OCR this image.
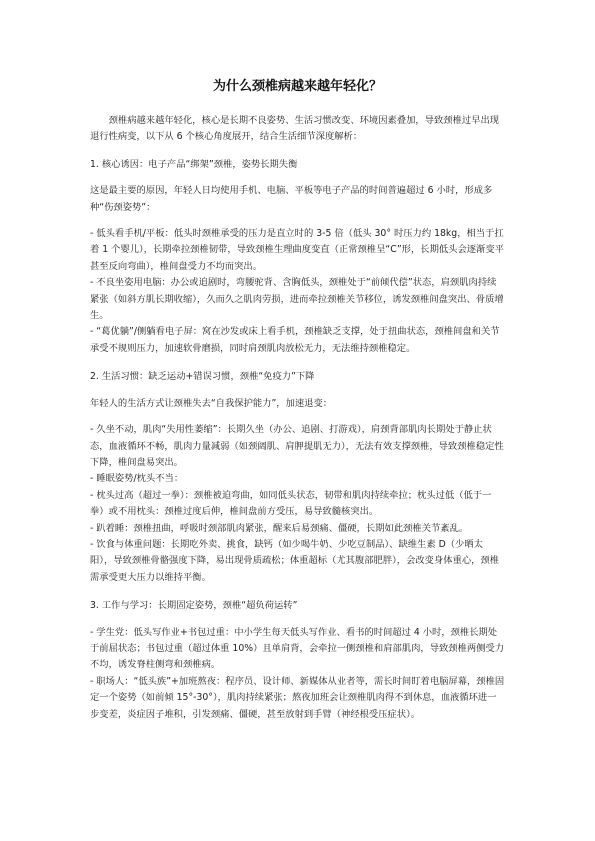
为什么颈椎病越来越年轻化？

颈椎病越来越年轻化，核心是长期不良姿势、生活习惯改变、环境因素叠加，导致颈椎过早出现退行性病变，以下从 6 个核心角度展开，结合生活细节深度解析：

1. 核心诱因：电子产品“绑架”颈椎，姿势长期失衡

这是最主要的原因，年轻人日均使用手机、电脑、平板等电子产品的时间普遍超过 6 小时，形成多种“伤颈姿势”：

- 低头看手机/平板：低头时颈椎承受的压力是直立时的 3-5 倍（低头 30° 时压力约 18kg，相当于扛着 1 个婴儿），长期牵拉颈椎韧带，导致颈椎生理曲度变直（正常颈椎呈“C”形，长期低头会逐渐变平甚至反向弯曲），椎间盘受力不均而突出。

- 不良坐姿用电脑：办公或追剧时，弯腰驼背、含胸低头，颈椎处于“前倾代偿”状态，肩颈肌肉持续紧张（如斜方肌长期收缩），久而久之肌肉劳损，进而牵拉颈椎关节移位，诱发颈椎间盘突出、骨质增生。

- “葛优躺”/侧躺看电子屏：窝在沙发或床上看手机，颈椎缺乏支撑，处于扭曲状态，颈椎间盘和关节承受不规则压力，加速软骨磨损，同时肩颈肌肉放松无力，无法维持颈椎稳定。

2. 生活习惯：缺乏运动+错误习惯，颈椎“免疫力”下降

年轻人的生活方式让颈椎失去“自我保护能力”，加速退变：

- 久坐不动，肌肉“失用性萎缩”：长期久坐（办公、追剧、打游戏），肩颈背部肌肉长期处于静止状态，血液循环不畅，肌肉力量减弱（如颈阔肌、肩胛提肌无力），无法有效支撑颈椎，导致颈椎稳定性下降，椎间盘易突出。

- 睡眠姿势/枕头不当：

- 枕头过高（超过一拳）：颈椎被迫弯曲，如同低头状态，韧带和肌肉持续牵拉；枕头过低（低于一拳）或不用枕头：颈椎过度后伸，椎间盘前方受压，易导致髓核突出。

- 趴着睡：颈椎扭曲，呼吸时颈部肌肉紧张，醒来后易颈痛、僵硬，长期如此颈椎关节紊乱。

- 饮食与体重问题：长期吃外卖、挑食，缺钙（如少喝牛奶、少吃豆制品）、缺维生素 D（少晒太阳），导致颈椎骨骼强度下降，易出现骨质疏松；体重超标（尤其腹部肥胖），会改变身体重心，颈椎需承受更大压力以维持平衡。

3. 工作与学习：长期固定姿势，颈椎“超负荷运转”

- 学生党：低头写作业+书包过重：中小学生每天低头写作业、看书的时间超过 4 小时，颈椎长期处于前屈状态；书包过重（超过体重 10%）且单肩背，会牵拉一侧颈椎和肩部肌肉，导致颈椎两侧受力不均，诱发脊柱侧弯和颈椎病。

- 职场人：“低头族”+加班熬夜：程序员、设计师、新媒体从业者等，需长时间盯着电脑屏幕，颈椎固定一个姿势（如前倾 15°-30°），肌肉持续紧张；熬夜加班会让颈椎肌肉得不到休息，血液循环进一步变差，炎症因子堆积，引发颈痛、僵硬，甚至放射到手臂（神经根受压症状）。
